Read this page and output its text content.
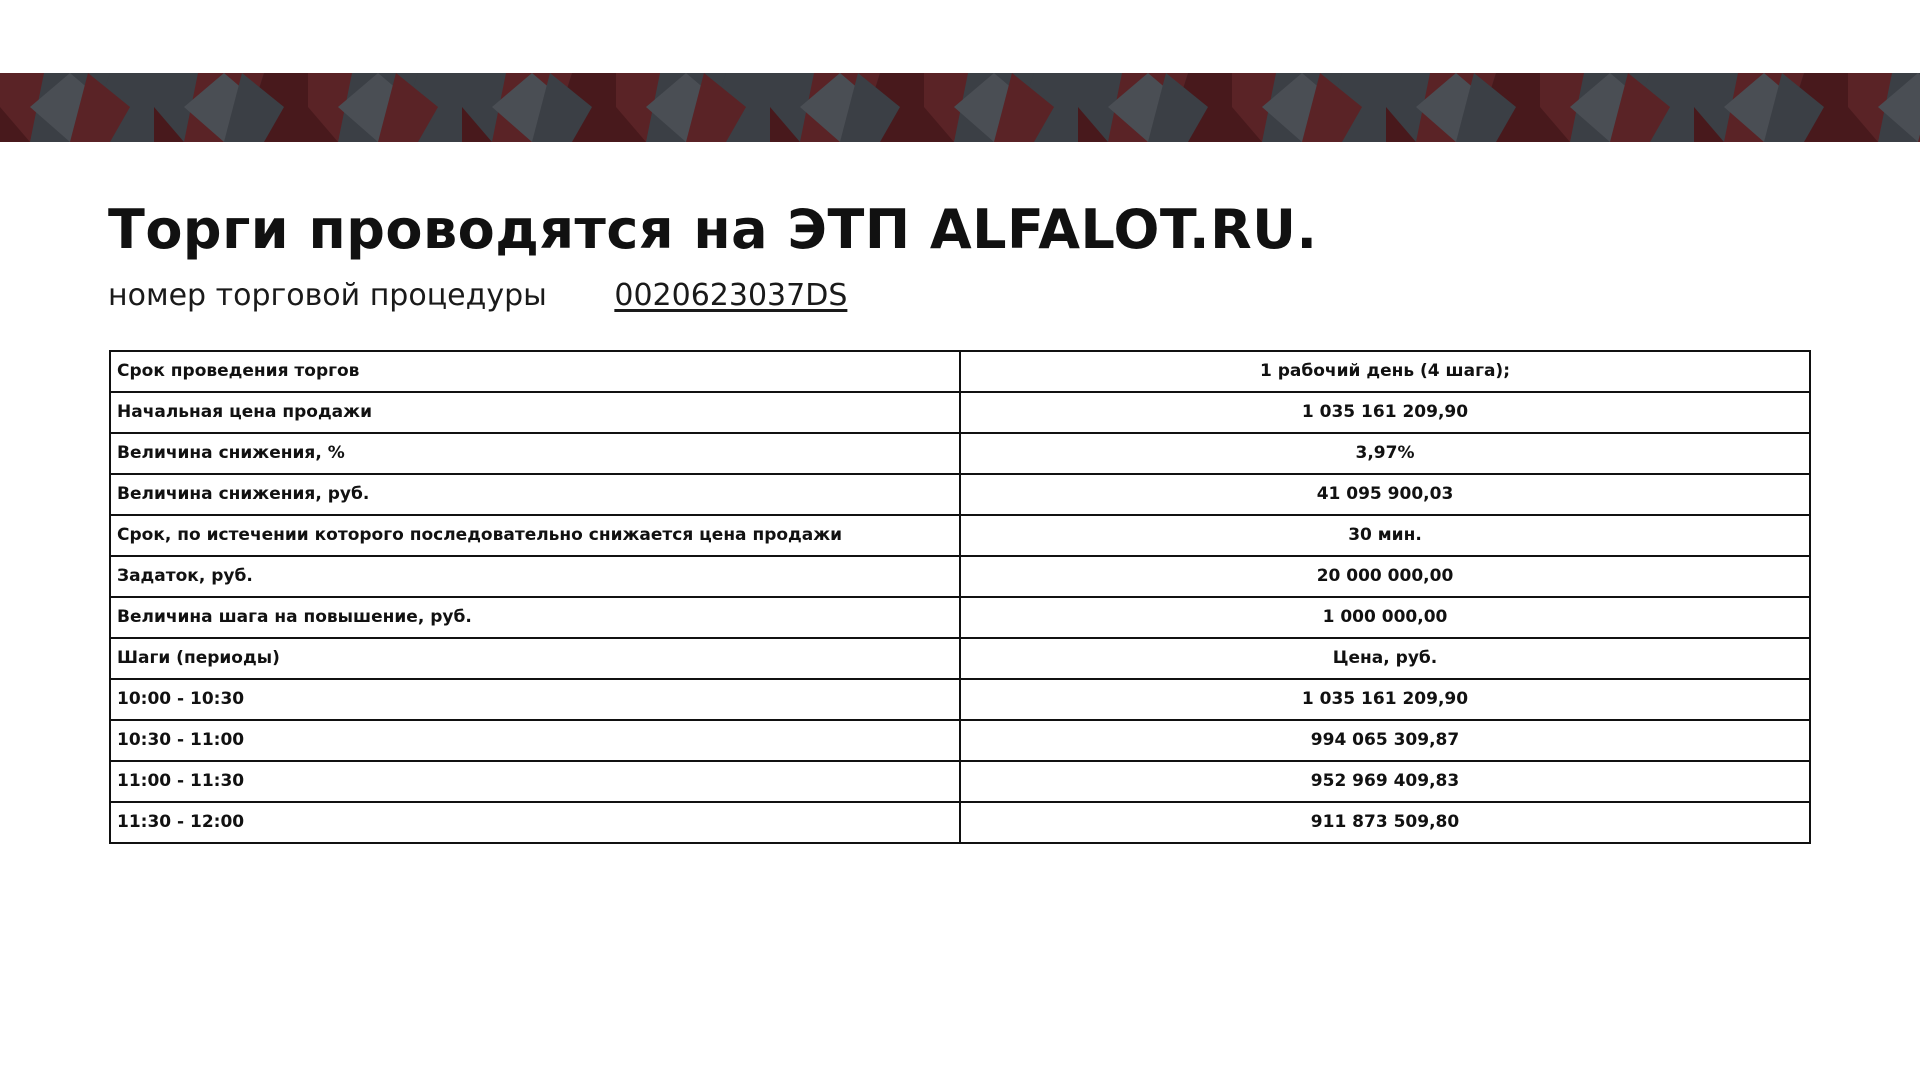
Торги проводятся на ЭТП ALFALOT.RU.
номер торговой процедуры 0020623037DS
Срок проведения торгов	1 рабочий день (4 шага);
Начальная цена продажи	1 035 161 209,90
Величина снижения, %	3,97%
Величина снижения, руб.	41 095 900,03
Срок, по истечении которого последовательно снижается цена продажи	30 мин.
Задаток, руб.	20 000 000,00
Величина шага на повышение, руб.	1 000 000,00
Шаги (периоды)	Цена, руб.
10:00 - 10:30	1 035 161 209,90
10:30 - 11:00	994 065 309,87
11:00 - 11:30	952 969 409,83
11:30 - 12:00	911 873 509,80
